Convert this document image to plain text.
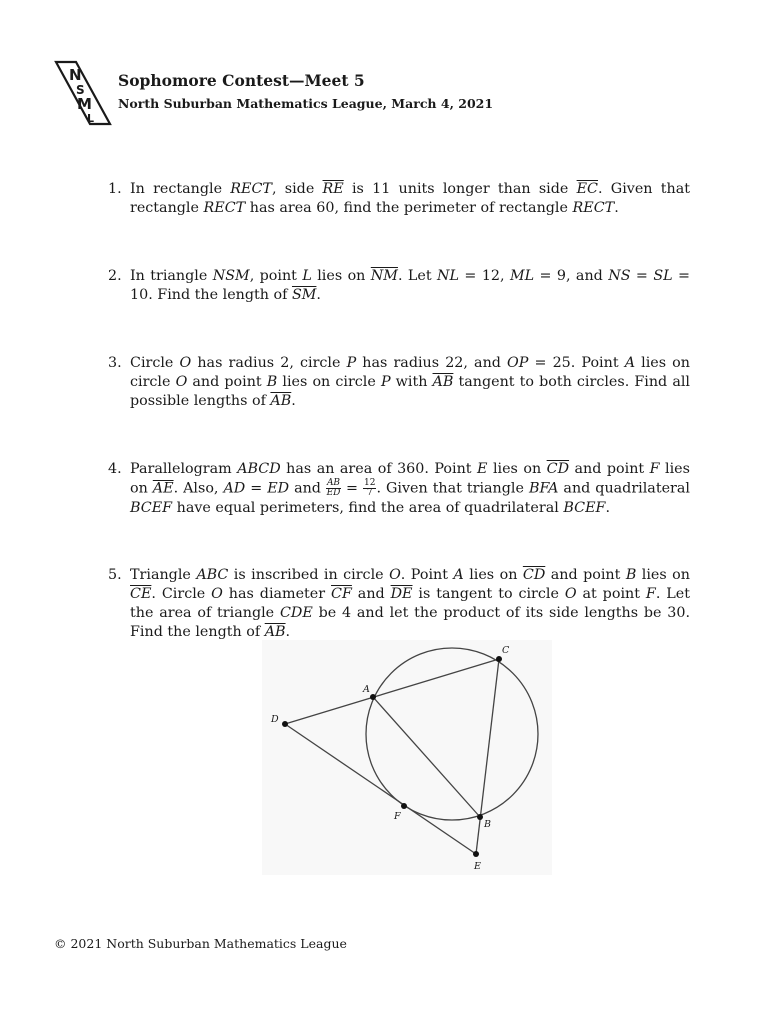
N
S
M
L
Sophomore Contest—Meet 5
North Suburban Mathematics League, March 4, 2021
1. In rectangle RECT, side $\overline{RE}$ is 11 units longer than side $\overline{EC}$. Given that rectangle RECT has area 60, find the perimeter of rectangle RECT.
2. In triangle NSM, point L lies on $\overline{NM}$. Let NL = 12, ML = 9, and NS = SL = 10. Find the length of $\overline{SM}$.
3. Circle O has radius 2, circle P has radius 22, and OP = 25. Point A lies on circle O and point B lies on circle P with $\overline{AB}$ tangent to both circles. Find all possible lengths of $\overline{AB}$.
4. Parallelogram ABCD has an area of 360. Point E lies on $\overline{CD}$ and point F lies on $\overline{AE}$. Also, AD = ED and $\frac{AB}{ED} = \frac{12}{7}$ . Given that triangle BFA and quadrilateral BCEF have equal perimeters, find the area of quadrilateral BCEF.
5. Triangle ABC is inscribed in circle O. Point A lies on $\overline{CD}$ and point B lies on $\overline{CE}$. Circle O has diameter $\overline{CF}$ and $\overline{DE}$ is tangent to circle O at point F. Let the area of triangle CDE be 4 and let the product of its side lengths be 30. Find the length of $\overline{AB}$.
A
B
C
D
E
F
© 2021 North Suburban Mathematics League
